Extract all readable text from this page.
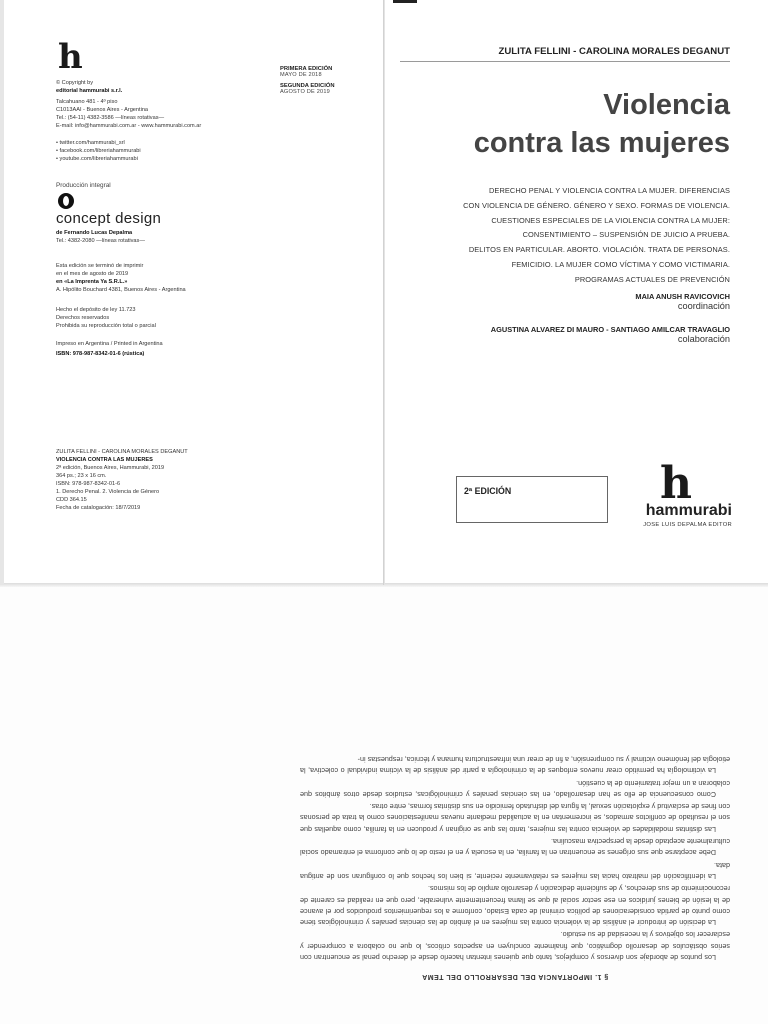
h
© Copyright by
editorial hammurabi s.r.l.
Talcahuano 481 - 4º piso
C1013AAI - Buenos Aires - Argentina
Tel.: (54-11) 4382-3586 —líneas rotativas—
E-mail: info@hammurabi.com.ar - www.hammurabi.com.ar
• twitter.com/hammurabi_srl
• facebook.com/libreriahammurabi
• youtube.com/libreriahammurabi
Producción integral
concept design
de Fernando Lucas Depalma
Tel.: 4382-2080 —líneas rotativas—
Esta edición se terminó de imprimir
en el mes de agosto de 2019
en «La Imprenta Ya S.R.L.»
A. Hipólito Bouchard 4381, Buenos Aires - Argentina
Hecho el depósito de ley 11.723
Derechos reservados
Prohibida su reproducción total o parcial
Impreso en Argentina / Printed in Argentina
ISBN: 978-987-8342-01-6 (rústica)
ZULITA FELLINI - CAROLINA MORALES DEGANUT
VIOLENCIA CONTRA LAS MUJERES
2ª edición, Buenos Aires, Hammurabi, 2019
364 ps.; 23 x 16 cm.
ISBN: 978-987-8342-01-6
1. Derecho Penal. 2. Violencia de Género
CDD 364.15
Fecha de catalogación: 18/7/2019
PRIMERA EDICIÓN
MAYO DE 2018
SEGUNDA EDICIÓN
AGOSTO DE 2019
ZULITA FELLINI - CAROLINA MORALES DEGANUT
Violencia
contra las mujeres
DERECHO PENAL Y VIOLENCIA CONTRA LA MUJER. DIFERENCIAS
CON VIOLENCIA DE GÉNERO. GÉNERO Y SEXO. FORMAS DE VIOLENCIA.
CUESTIONES ESPECIALES DE LA VIOLENCIA CONTRA LA MUJER:
CONSENTIMIENTO – SUSPENSIÓN DE JUICIO A PRUEBA.
DELITOS EN PARTICULAR. ABORTO. VIOLACIÓN. TRATA DE PERSONAS.
FEMICIDIO. LA MUJER COMO VÍCTIMA Y COMO VICTIMARIA.
PROGRAMAS ACTUALES DE PREVENCIÓN
MAIA ANUSH RAVICOVICH
coordinación
AGUSTINA ALVAREZ DI MAURO - SANTIAGO AMILCAR TRAVAGLIO
colaboración
2ª EDICIÓN	h
hammurabi
JOSE LUIS DEPALMA EDITOR
§ 1. IMPORTANCIA DEL DESARROLLO DEL TEMA

Los puntos de abordaje son diversos y complejos, tanto que quienes intentan hacerlo desde el derecho penal se encuentran con serios obstáculos de desarrollo dogmático, que finalmente concluyen en aspectos críticos, lo que no colabora a comprender y esclarecer los objetivos y la necesidad de su estudio.

La decisión de introducir el análisis de la violencia contra las mujeres en el ámbito de las ciencias penales y criminológicas tiene como punto de partida consideraciones de política criminal de cada Estado, conforme a los requerimientos producidos por el avance de la lesión de bienes jurídicos en ese sector social al que se llama frecuentemente vulnerable, pero que en realidad es carente de reconocimiento de sus derechos, y de suficiente dedicación y desarrollo amplio de los mismos.

La identificación del maltrato hacia las mujeres es relativamente reciente, si bien los hechos que lo configuran son de antigua data.

Debe aceptarse que sus orígenes se encuentran en la familia, en la escuela y en el resto de lo que conforma el entramado social culturalmente aceptado desde la perspectiva masculina.

Las distintas modalidades de violencia contra las mujeres, tanto las que se originan y producen en la familia, como aquellas que son el resultado de conflictos armados, se incrementan en la actualidad mediante nuevas manifestaciones como la trata de personas con fines de esclavitud y explotación sexual, la figura del disfrutado femicidio en sus distintas formas, entre otras.

Como consecuencia de ello se han desarrollado, en las ciencias penales y criminológicas, estudios desde otros ámbitos que colaboran a un mejor tratamiento de la cuestión.

La victimología ha permitido crear nuevos enfoques de la criminología a partir del análisis de la víctima individual o colectiva, la etiología del fenómeno victimal y su comprensión, a fin de crear una infraestructura humana y técnica, respuestas in-
